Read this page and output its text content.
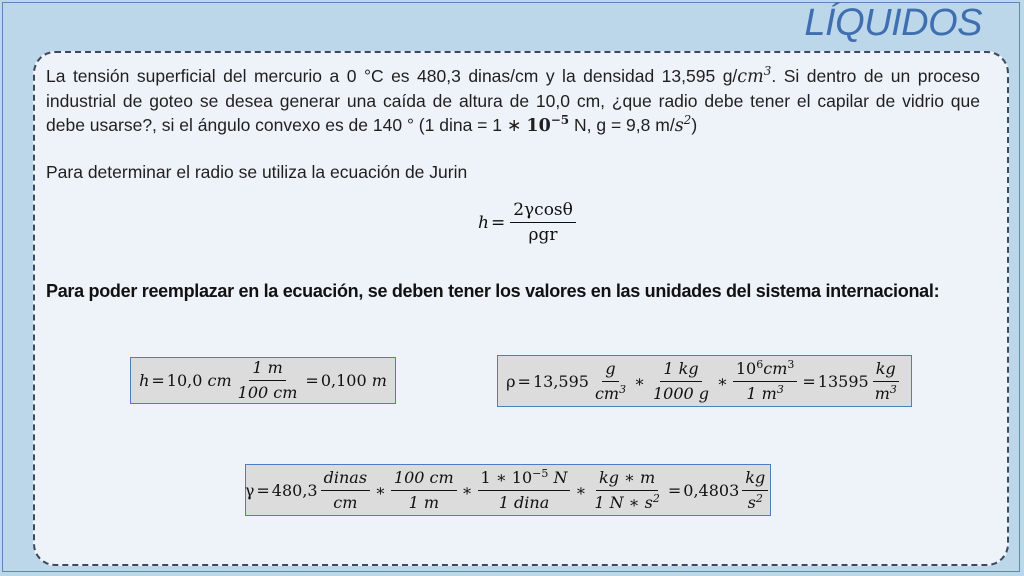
LÍQUIDOS
La tensión superficial del mercurio a 0 °C es 480,3 dinas/cm y la densidad 13,595 $g/cm^3$. Si dentro de un proceso industrial de goteo se desea generar una caída de altura de 10,0 cm, ¿que radio debe tener el capilar de vidrio que debe usarse?, si el ángulo convexo es de 140 ° (1 dina = 1 ∗ $10^{-5}$ N, g = 9,8 $m/s^2$)
Para determinar el radio se utiliza la ecuación de Jurin
$h = \frac{2\gamma\cos\theta}{\text{ρgr}}$
Para poder reemplazar en la ecuación, se deben tener los valores en las unidades del sistema internacional:
h = 10,0
cm $\frac{1 m}{100 cm} = 0,100$
m	$\rho = 13,595 \frac{g}{cm^3}$ ∗ $\frac{1 kg}{1000 g}$ ∗ $\frac{10^6cm^3}{1 m^3} = 13595 \frac{kg}{m^3}$
$\gamma = 480,3 \frac{\text{dinas}}{cm}$ ∗ $\frac{100 cm}{1 m}$ ∗ $\frac{1 ∗ 10^{-5} N}{\text{1 dina}}$ ∗ $\frac{kg ∗ m}{1 N ∗ s^2} = 0,4803 \frac{kg}{s^2}$
